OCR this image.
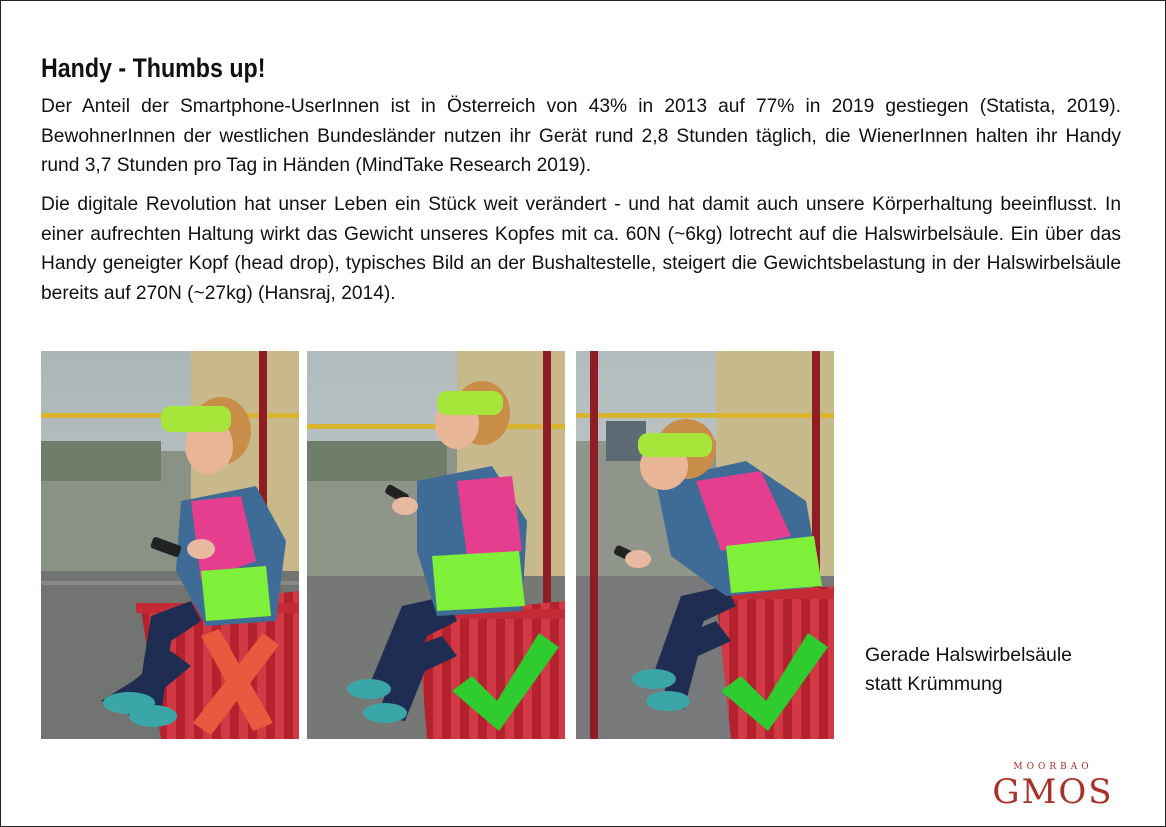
Handy - Thumbs up!

Der Anteil der Smartphone-UserInnen ist in Österreich von 43% in 2013 auf 77% in 2019 gestiegen (Statista, 2019). BewohnerInnen der westlichen Bundesländer nutzen ihr Gerät rund 2,8 Stunden täglich, die WienerInnen halten ihr Handy rund 3,7 Stunden pro Tag in Händen (MindTake Research 2019).

Die digitale Revolution hat unser Leben ein Stück weit verändert - und hat damit auch unsere Körperhaltung beeinflusst. In einer aufrechten Haltung wirkt das Gewicht unseres Kopfes mit ca. 60N (~6kg) lotrecht auf die Halswirbelsäule. Ein über das Handy geneigter Kopf (head drop), typisches Bild an der Bushaltestelle, steigert die Gewichtsbelastung in der Halswirbelsäule bereits auf 270N (~27kg) (Hansraj, 2014).

Gerade Halswirbelsäule
statt Krümmung

MOORBAO
GMOS
